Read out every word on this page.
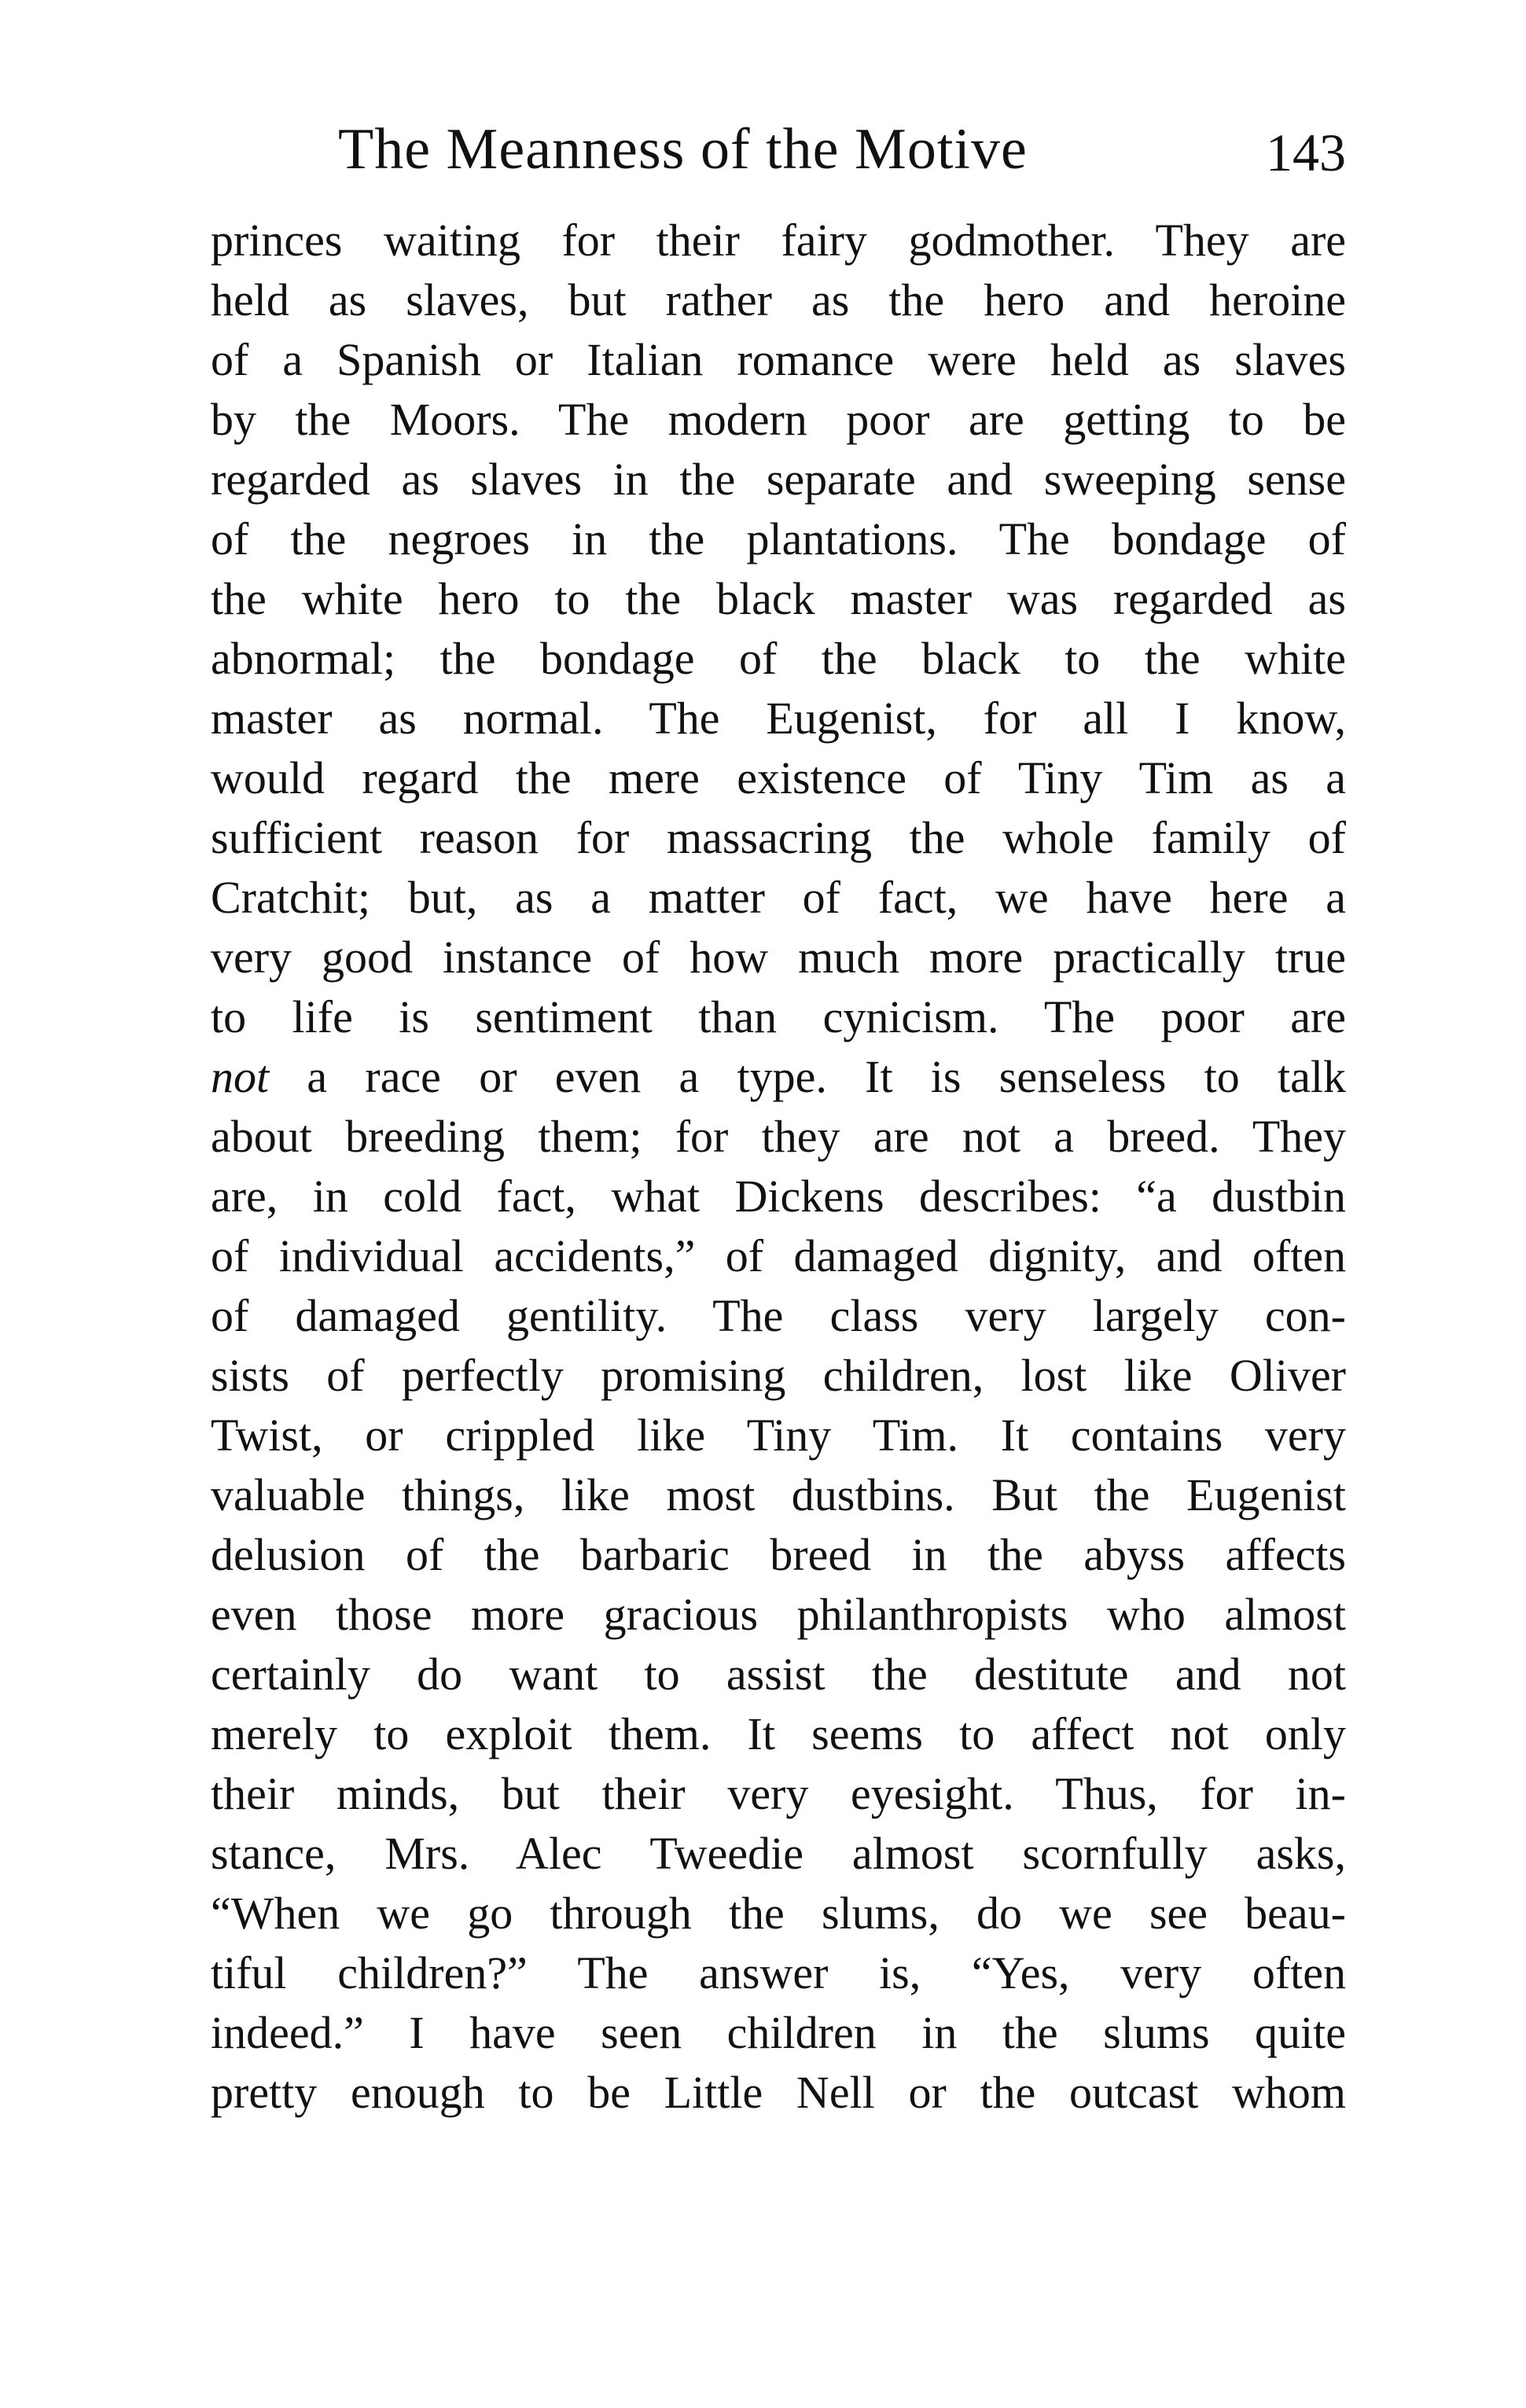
The Meanness of the Motive	143
princes waiting for their fairy godmother. They are
held as slaves, but rather as the hero and heroine
of a Spanish or Italian romance were held as slaves
by the Moors. The modern poor are getting to be
regarded as slaves in the separate and sweeping sense
of the negroes in the plantations. The bondage of
the white hero to the black master was regarded as
abnormal; the bondage of the black to the white
master as normal. The Eugenist, for all I know,
would regard the mere existence of Tiny Tim as a
sufficient reason for massacring the whole family of
Cratchit; but, as a matter of fact, we have here a
very good instance of how much more practically true
to life is sentiment than cynicism. The poor are
not a race or even a type. It is senseless to talk
about breeding them; for they are not a breed. They
are, in cold fact, what Dickens describes: “a dustbin
of individual accidents,” of damaged dignity, and often
of damaged gentility. The class very largely con-
sists of perfectly promising children, lost like Oliver
Twist, or crippled like Tiny Tim. It contains very
valuable things, like most dustbins. But the Eugenist
delusion of the barbaric breed in the abyss affects
even those more gracious philanthropists who almost
certainly do want to assist the destitute and not
merely to exploit them. It seems to affect not only
their minds, but their very eyesight. Thus, for in-
stance, Mrs. Alec Tweedie almost scornfully asks,
“When we go through the slums, do we see beau-
tiful children?” The answer is, “Yes, very often
indeed.” I have seen children in the slums quite
pretty enough to be Little Nell or the outcast whom
